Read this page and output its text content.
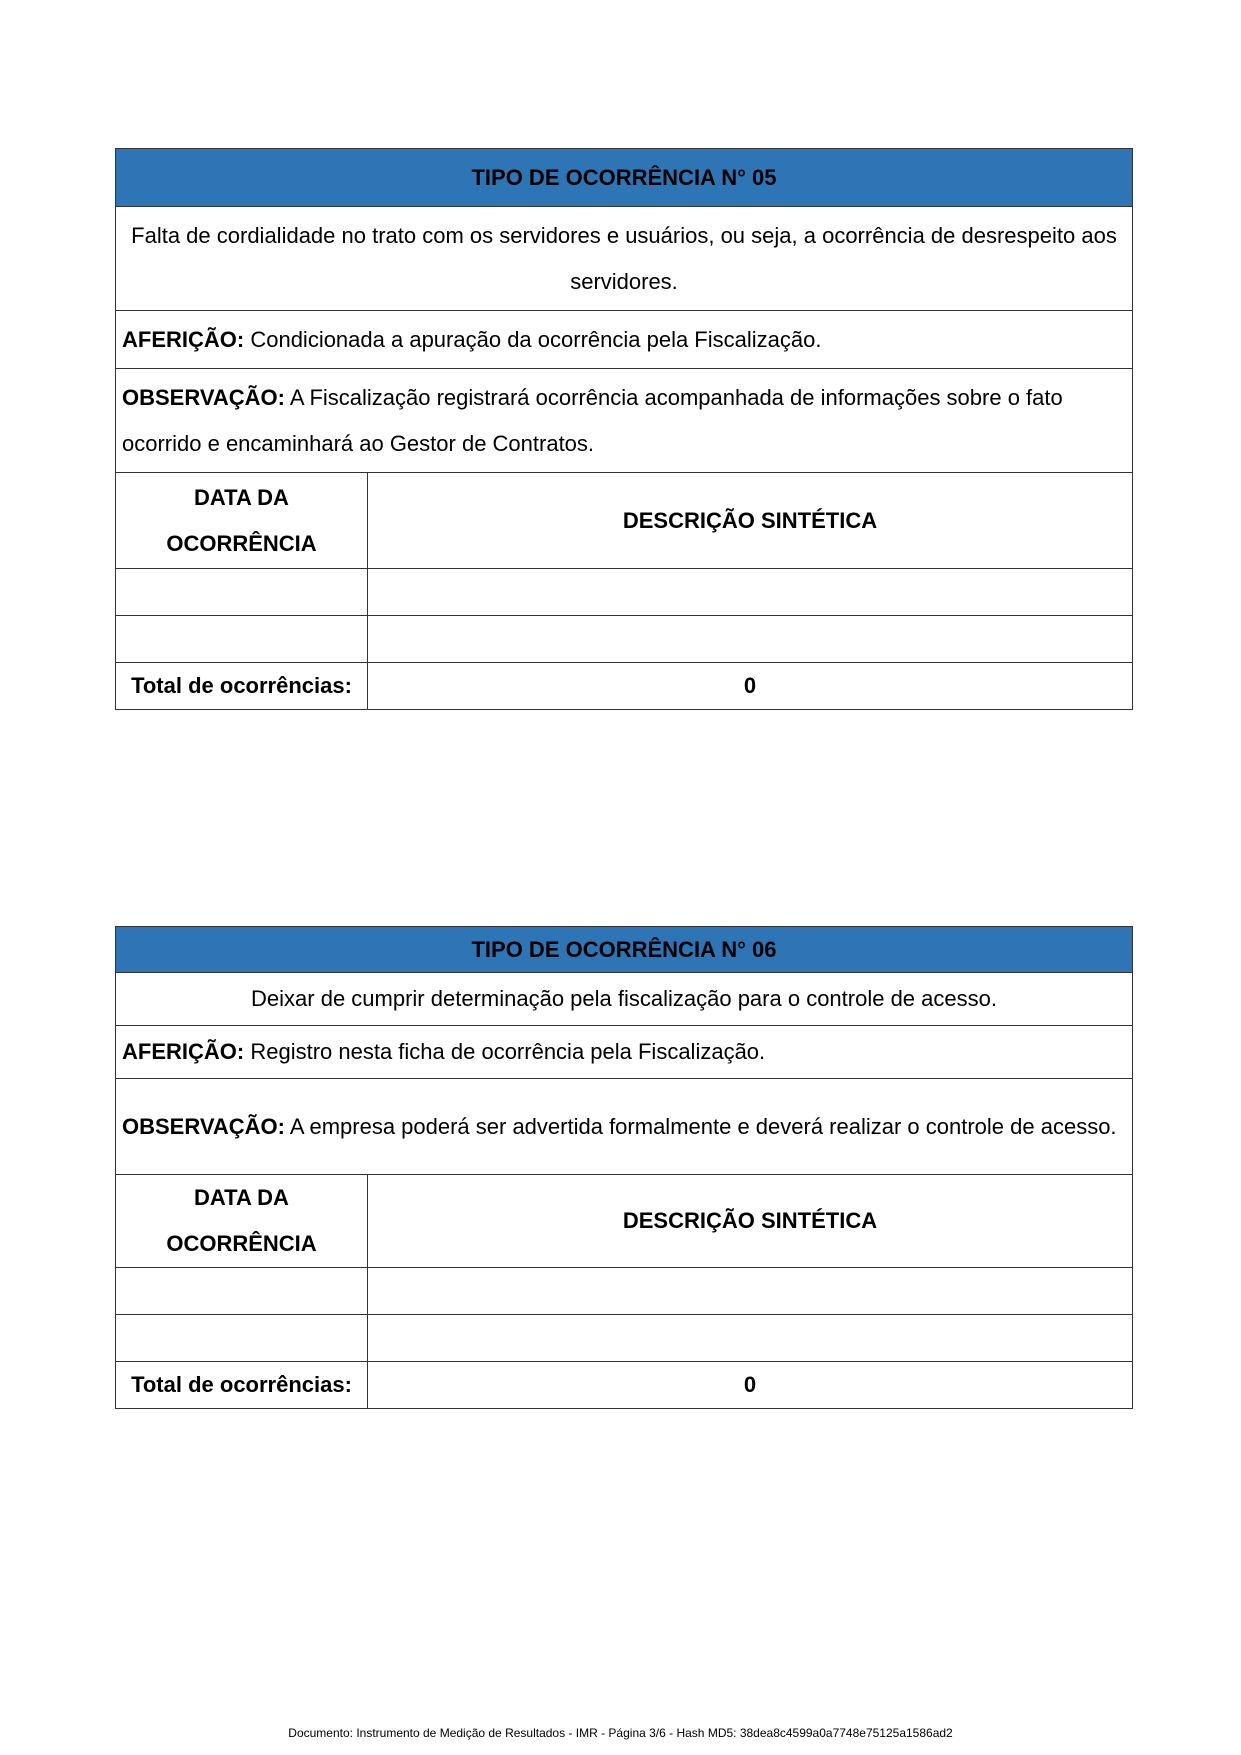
TIPO DE OCORRÊNCIA N° 05	
Falta de cordialidade no trato com os servidores e usuários, ou seja, a ocorrência de desrespeito aos servidores.	
AFERIÇÃO: Condicionada a apuração da ocorrência pela Fiscalização.	
OBSERVAÇÃO: A Fiscalização registrará ocorrência acompanhada de informações sobre o fato ocorrido e encaminhará ao Gestor de Contratos.	

DATA DA
OCORRÊNCIA	DESCRIÇÃO SINTÉTICA

Total de ocorrências:	0
TIPO DE OCORRÊNCIA N° 06	
Deixar de cumprir determinação pela fiscalização para o controle de acesso.	
AFERIÇÃO: Registro nesta ficha de ocorrência pela Fiscalização.	
OBSERVAÇÃO: A empresa poderá ser advertida formalmente e deverá realizar o controle de acesso.	

DATA DA
OCORRÊNCIA	DESCRIÇÃO SINTÉTICA

Total de ocorrências:	0
Documento: Instrumento de Medição de Resultados - IMR - Página 3/6 - Hash MD5: 38dea8c4599a0a7748e75125a1586ad2
